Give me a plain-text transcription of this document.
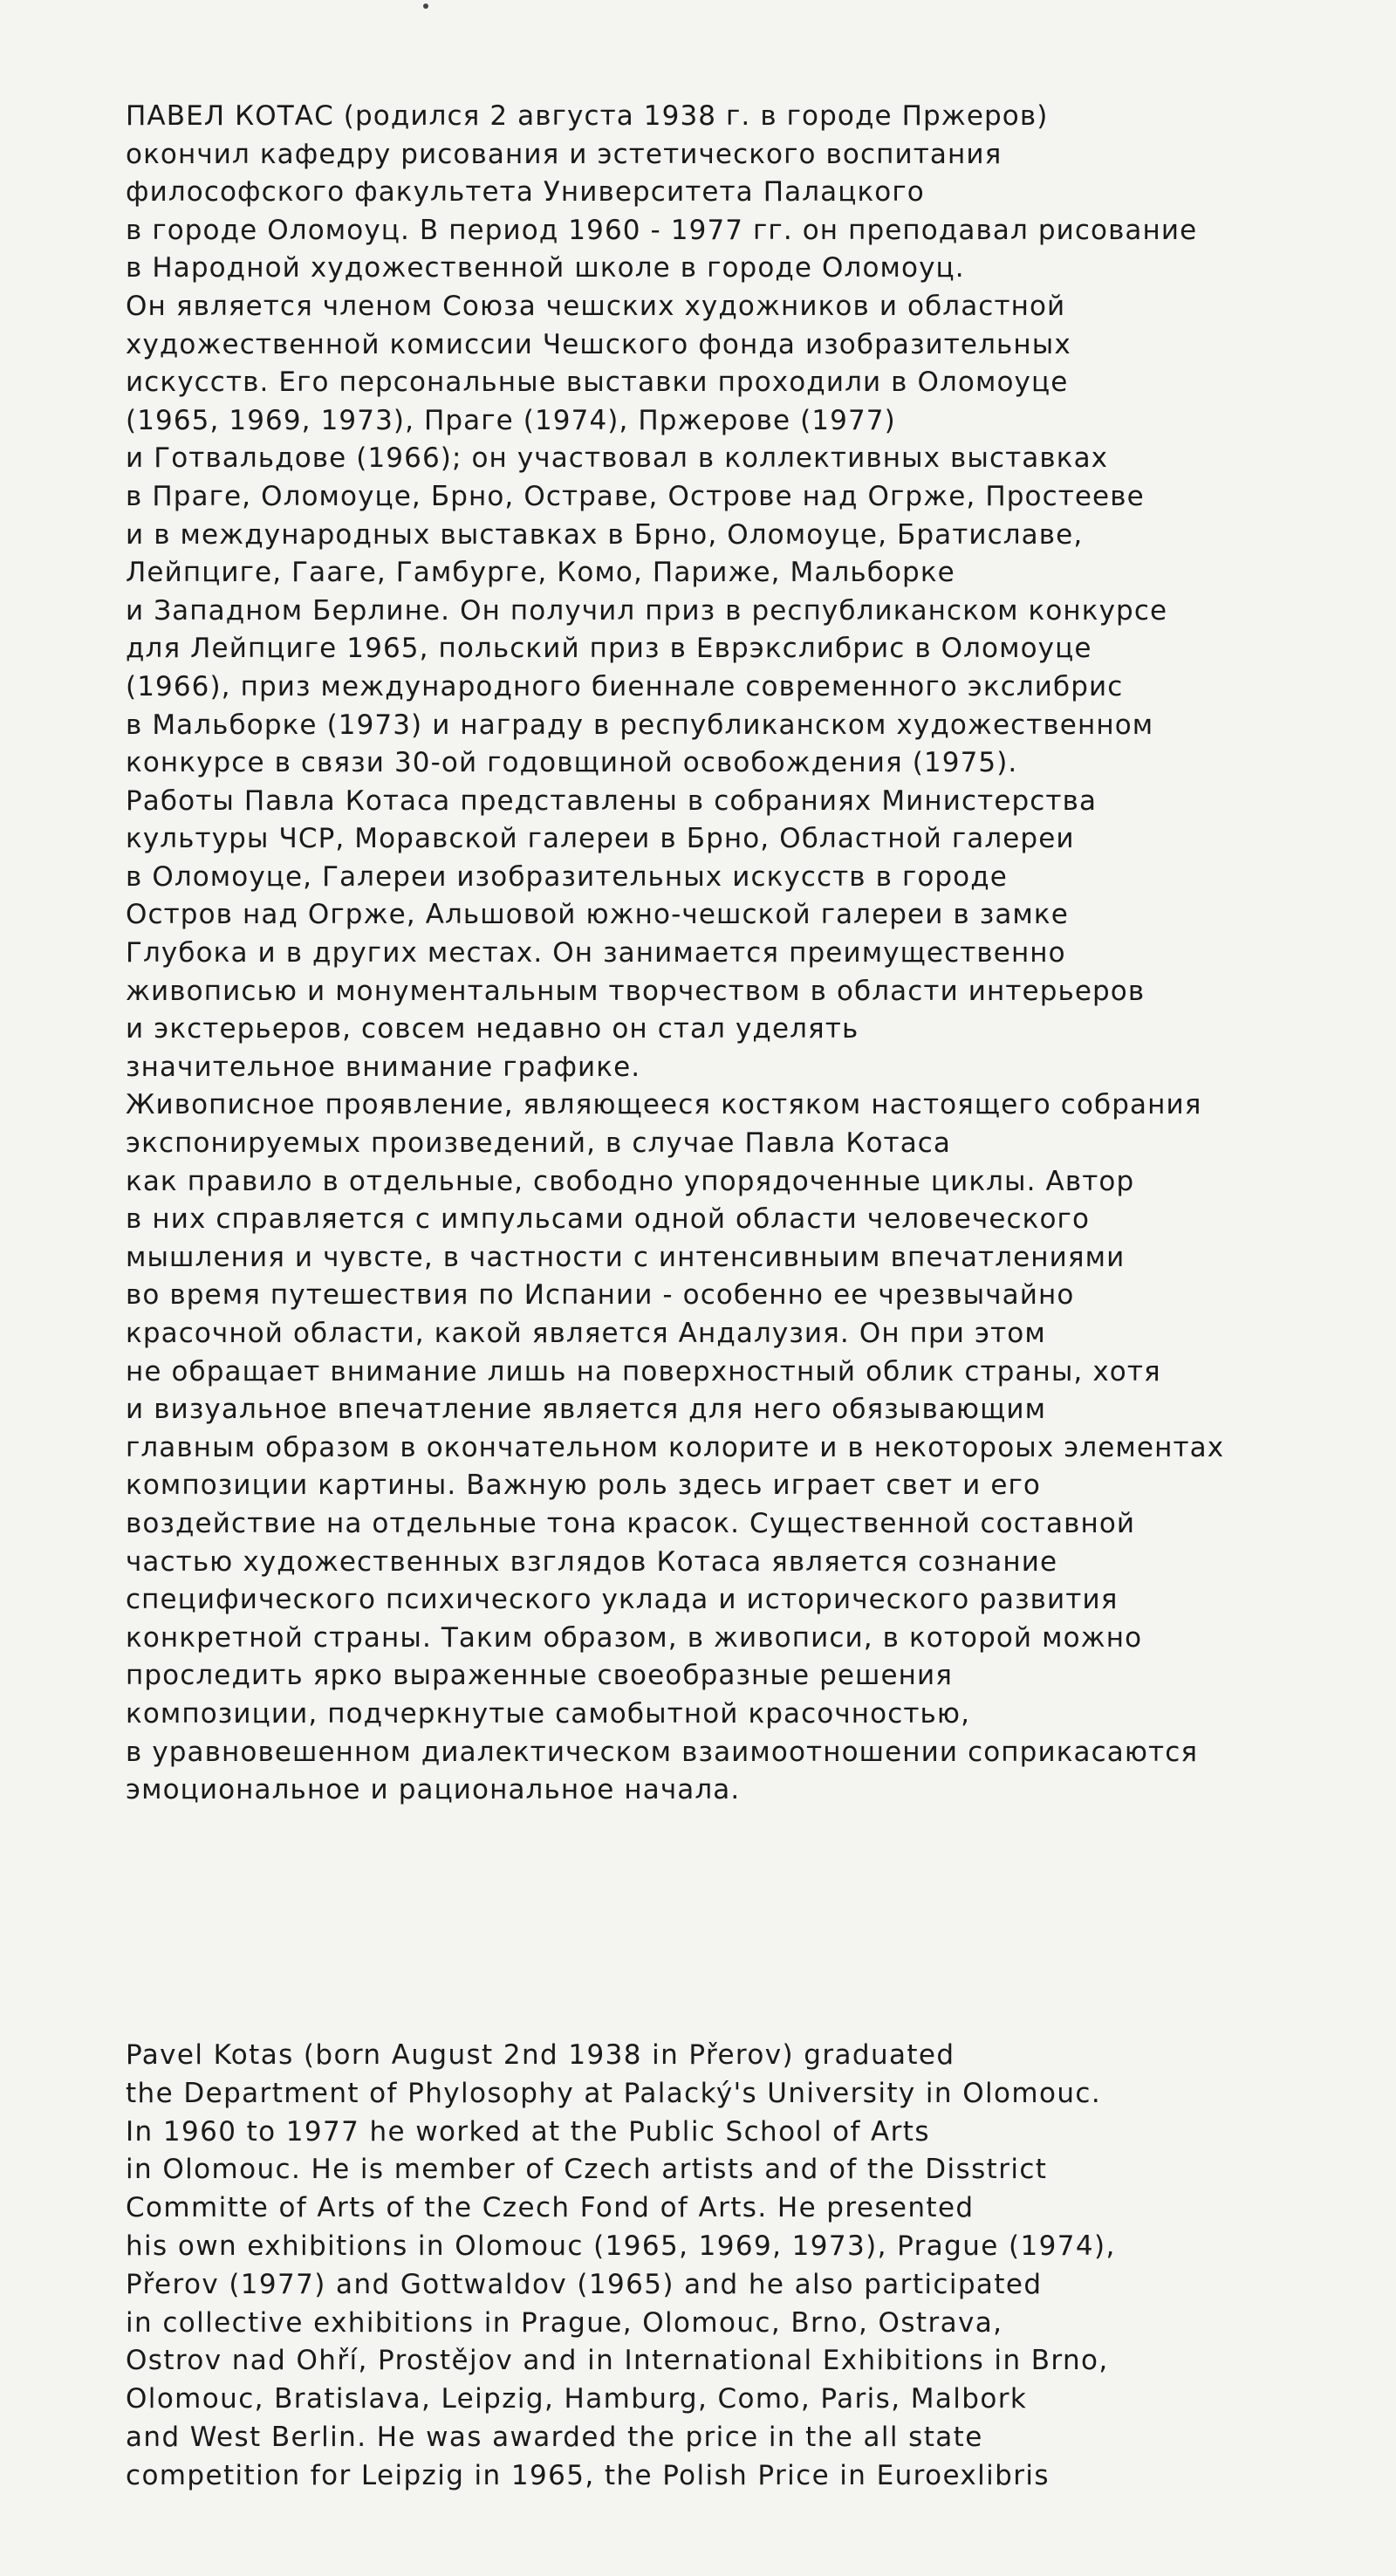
ПАВЕЛ КОТАС (родился 2 августа 1938 г. в городе Пржеров)
окончил кафедру рисования и эстетического воспитания
философского факультета Университета Палацкого
в городе Оломоуц. В период 1960 - 1977 гг. он преподавал рисование
в Народной художественной школе в городе Оломоуц.
Он является членом Союза чешских художников и областной
художественной комиссии Чешского фонда изобразительных
искусств. Его персональные выставки проходили в Оломоуце
(1965, 1969, 1973), Праге (1974), Пржерове (1977)
и Готвальдове (1966); он участвовал в коллективных выставках
в Праге, Оломоуце, Брно, Остраве, Острове над Огрже, Простееве
и в международных выставках в Брно, Оломоуце, Братиславе,
Лейпциге, Гааге, Гамбурге, Комо, Париже, Мальборке
и Западном Берлине. Он получил приз в республиканском конкурсе
для Лейпциге 1965, польский приз в Еврэкслибрис в Оломоуце
(1966), приз международного биеннале современного экслибрис
в Мальборке (1973) и награду в республиканском художественном
конкурсе в связи 30-ой годовщиной освобождения (1975).
Работы Павла Котаса представлены в собраниях Министерства
культуры ЧСР, Моравской галереи в Брно, Областной галереи
в Оломоуце, Галереи изобразительных искусств в городе
Остров над Огрже, Альшовой южно-чешской галереи в замке
Глубока и в других местах. Он занимается преимущественно
живописью и монументальным творчеством в области интерьеров
и экстерьеров, совсем недавно он стал уделять
значительное внимание графике.
Живописное проявление, являющееся костяком настоящего собрания
экспонируемых произведений, в случае Павла Котаса
как правило в отдельные, свободно упорядоченные циклы. Автор
в них справляется с импульсами одной области человеческого
мышления и чувсте, в частности с интенсивныим впечатлениями
во время путешествия по Испании - особенно ее чрезвычайно
красочной области, какой является Андалузия. Он при этом
не обращает внимание лишь на поверхностный облик страны, хотя
и визуальное впечатление является для него обязывающим
главным образом в окончательном колорите и в некотороых элементах
композиции картины. Важную роль здесь играет свет и его
воздействие на отдельные тона красок. Существенной составной
частью художественных взглядов Котаса является сознание
специфического психического уклада и исторического развития
конкретной страны. Таким образом, в живописи, в которой можно
проследить ярко выраженные своеобразные решения
композиции, подчеркнутые самобытной красочностью,
в уравновешенном диалектическом взаимоотношении соприкасаются
эмоциональное и рациональное начала.
Pavel Kotas (born August 2nd 1938 in Přerov) graduated
the Department of Phylosophy at Palacký's University in Olomouc.
In 1960 to 1977 he worked at the Public School of Arts
in Olomouc. He is member of Czech artists and of the Disstrict
Committe of Arts of the Czech Fond of Arts. He presented
his own exhibitions in Olomouc (1965, 1969, 1973), Prague (1974),
Přerov (1977) and Gottwaldov (1965) and he also participated
in collective exhibitions in Prague, Olomouc, Brno, Ostrava,
Ostrov nad Ohří, Prostějov and in International Exhibitions in Brno,
Olomouc, Bratislava, Leipzig, Hamburg, Como, Paris, Malbork
and West Berlin. He was awarded the price in the all state
competition for Leipzig in 1965, the Polish Price in Euroexlibris
